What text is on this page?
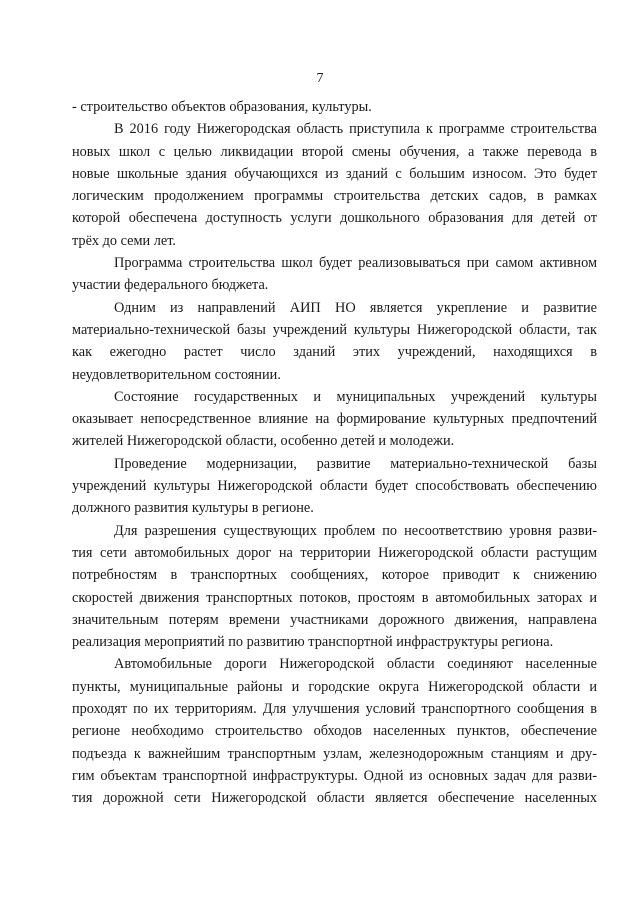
7
- строительство объектов образования, культуры.
В 2016 году Нижегородская область приступила к программе строительства
новых школ с целью ликвидации второй смены обучения, а также перевода в
новые школьные здания обучающихся из зданий с большим износом. Это будет
логическим продолжением программы строительства детских садов, в рамках
которой обеспечена доступность услуги дошкольного образования для детей от
трёх до семи лет.
Программа строительства школ будет реализовываться при самом активном
участии федерального бюджета.
Одним из направлений АИП НО является укрепление и развитие
материально-технической базы учреждений культуры Нижегородской области, так
как ежегодно растет число зданий этих учреждений, находящихся в
неудовлетворительном состоянии.
Состояние государственных и муниципальных учреждений культуры
оказывает непосредственное влияние на формирование культурных предпочтений
жителей Нижегородской области, особенно детей и молодежи.
Проведение модернизации, развитие материально-технической базы
учреждений культуры Нижегородской области будет способствовать обеспечению
должного развития культуры в регионе.
Для разрешения существующих проблем по несоответствию уровня разви-
тия сети автомобильных дорог на территории Нижегородской области растущим
потребностям в транспортных сообщениях, которое приводит к снижению
скоростей движения транспортных потоков, простоям в автомобильных заторах и
значительным потерям времени участниками дорожного движения, направлена
реализация мероприятий по развитию транспортной инфраструктуры региона.
Автомобильные дороги Нижегородской области соединяют населенные
пункты, муниципальные районы и городские округа Нижегородской области и
проходят по их территориям. Для улучшения условий транспортного сообщения в
регионе необходимо строительство обходов населенных пунктов, обеспечение
подъезда к важнейшим транспортным узлам, железнодорожным станциям и дру-
гим объектам транспортной инфраструктуры. Одной из основных задач для разви-
тия дорожной сети Нижегородской области является обеспечение населенных
